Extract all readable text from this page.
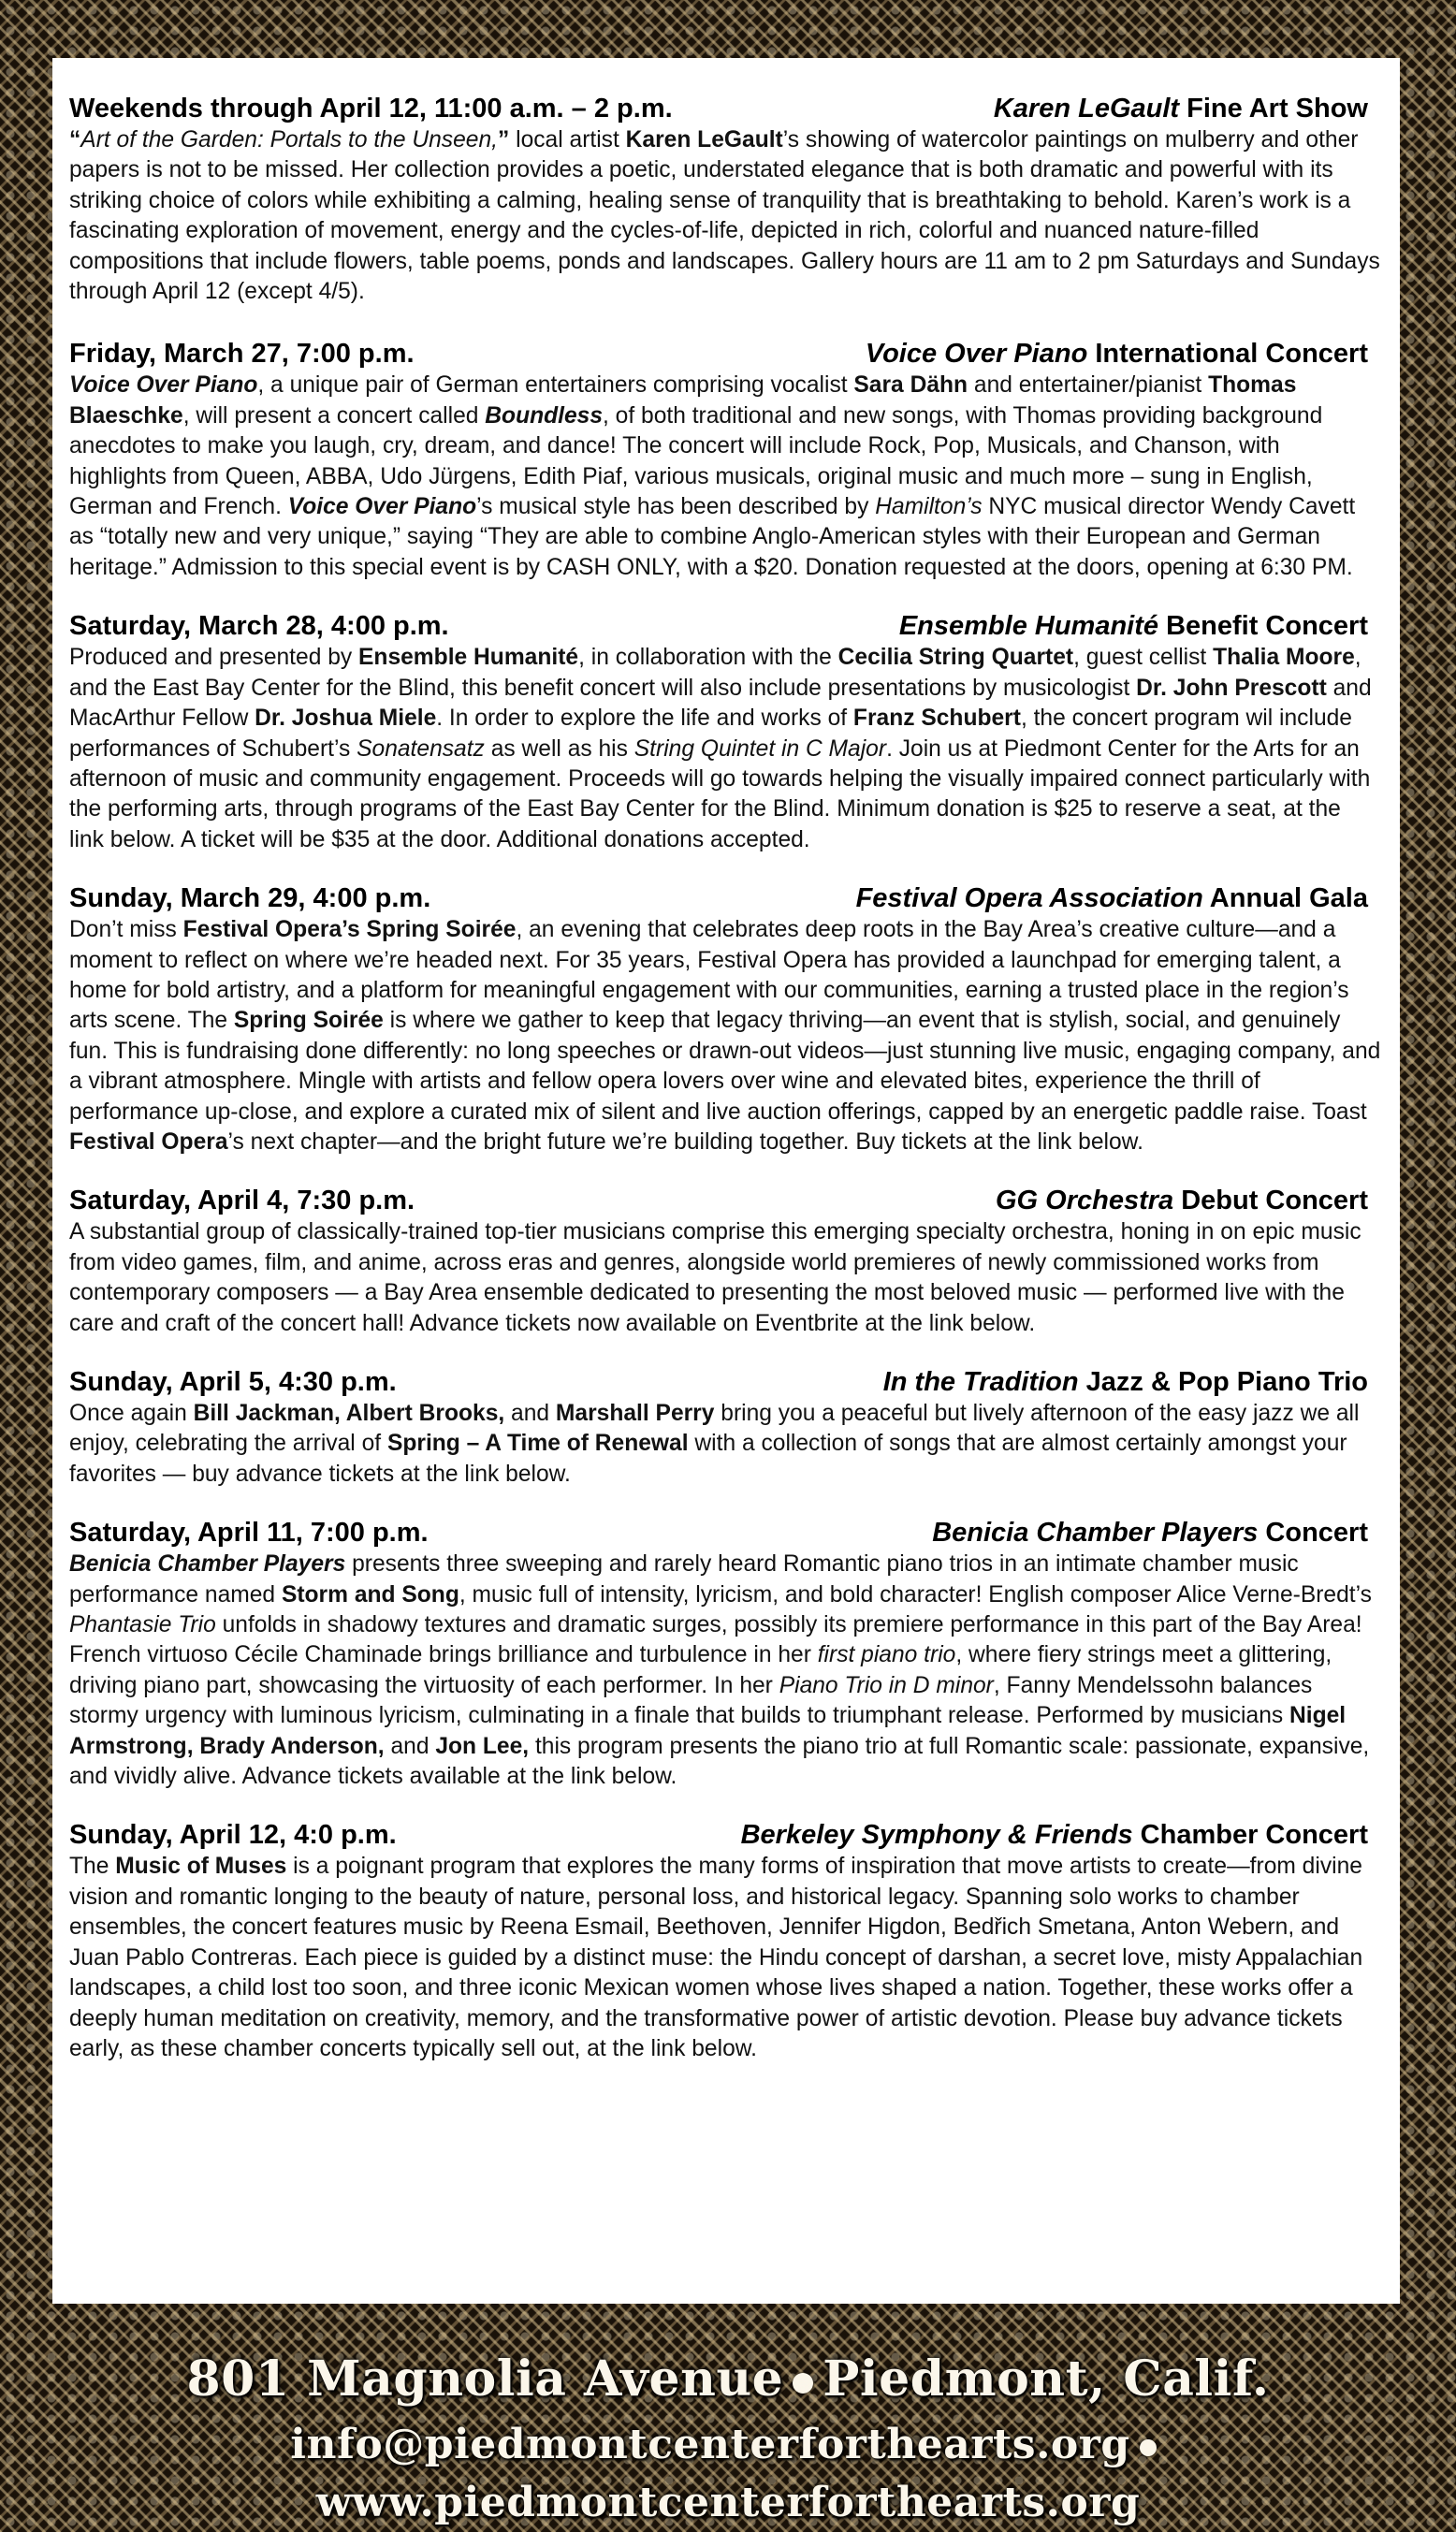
Weekends through April 12, 11:00 a.m. – 2 p.m.	Karen LeGault Fine Art Show

“Art of the Garden: Portals to the Unseen,” local artist Karen LeGault’s showing of watercolor paintings on mulberry and other papers is not to be missed. Her collection provides a poetic, understated elegance that is both dramatic and powerful with its striking choice of colors while exhibiting a calming, healing sense of tranquility that is breathtaking to behold. Karen’s work is a fascinating exploration of movement, energy and the cycles-of-life, depicted in rich, colorful and nuanced nature-filled compositions that include flowers, table poems, ponds and landscapes. Gallery hours are 11 am to 2 pm Saturdays and Sundays through April 12 (except 4/5).

Friday, March 27, 7:00 p.m.	Voice Over Piano International Concert

Voice Over Piano, a unique pair of German entertainers comprising vocalist Sara Dähn and entertainer/pianist Thomas Blaeschke, will present a concert called Boundless, of both traditional and new songs, with Thomas providing background anecdotes to make you laugh, cry, dream, and dance! The concert will include Rock, Pop, Musicals, and Chanson, with highlights from Queen, ABBA, Udo Jürgens, Edith Piaf, various musicals, original music and much more – sung in English, German and French. Voice Over Piano’s musical style has been described by Hamilton’s NYC musical director Wendy Cavett as “totally new and very unique,” saying “They are able to combine Anglo-American styles with their European and German heritage.” Admission to this special event is by CASH ONLY, with a $20. Donation requested at the doors, opening at 6:30 PM.

Saturday, March 28, 4:00 p.m.	Ensemble Humanité Benefit Concert

Produced and presented by Ensemble Humanité, in collaboration with the Cecilia String Quartet, guest cellist Thalia Moore, and the East Bay Center for the Blind, this benefit concert will also include presentations by musicologist Dr. John Prescott and MacArthur Fellow Dr. Joshua Miele. In order to explore the life and works of Franz Schubert, the concert program wil include performances of Schubert’s Sonatensatz as well as his String Quintet in C Major. Join us at Piedmont Center for the Arts for an afternoon of music and community engagement. Proceeds will go towards helping the visually impaired connect particularly with the performing arts, through programs of the East Bay Center for the Blind. Minimum donation is $25 to reserve a seat, at the link below. A ticket will be $35 at the door. Additional donations accepted.

Sunday, March 29, 4:00 p.m.	Festival Opera Association Annual Gala

Don’t miss Festival Opera’s Spring Soirée, an evening that celebrates deep roots in the Bay Area’s creative culture—and a moment to reflect on where we’re headed next. For 35 years, Festival Opera has provided a launchpad for emerging talent, a home for bold artistry, and a platform for meaningful engagement with our communities, earning a trusted place in the region’s arts scene. The Spring Soirée is where we gather to keep that legacy thriving—an event that is stylish, social, and genuinely fun. This is fundraising done differently: no long speeches or drawn-out videos—just stunning live music, engaging company, and a vibrant atmosphere. Mingle with artists and fellow opera lovers over wine and elevated bites, experience the thrill of performance up-close, and explore a curated mix of silent and live auction offerings, capped by an energetic paddle raise. Toast Festival Opera’s next chapter—and the bright future we’re building together. Buy tickets at the link below.

Saturday, April 4, 7:30 p.m.	GG Orchestra Debut Concert

A substantial group of classically-trained top-tier musicians comprise this emerging specialty orchestra, honing in on epic music from video games, film, and anime, across eras and genres, alongside world premieres of newly commissioned works from contemporary composers — a Bay Area ensemble dedicated to presenting the most beloved music — performed live with the care and craft of the concert hall! Advance tickets now available on Eventbrite at the link below.

Sunday, April 5, 4:30 p.m.	In the Tradition Jazz & Pop Piano Trio

Once again Bill Jackman, Albert Brooks, and Marshall Perry bring you a peaceful but lively afternoon of the easy jazz we all enjoy, celebrating the arrival of Spring – A Time of Renewal with a collection of songs that are almost certainly amongst your favorites — buy advance tickets at the link below.

Saturday, April 11, 7:00 p.m.	Benicia Chamber Players Concert

Benicia Chamber Players presents three sweeping and rarely heard Romantic piano trios in an intimate chamber music performance named Storm and Song, music full of intensity, lyricism, and bold character! English composer Alice Verne-Bredt’s Phantasie Trio unfolds in shadowy textures and dramatic surges, possibly its premiere performance in this part of the Bay Area! French virtuoso Cécile Chaminade brings brilliance and turbulence in her first piano trio, where fiery strings meet a glittering, driving piano part, showcasing the virtuosity of each performer. In her Piano Trio in D minor, Fanny Mendelssohn balances stormy urgency with luminous lyricism, culminating in a finale that builds to triumphant release. Performed by musicians Nigel Armstrong, Brady Anderson, and Jon Lee, this program presents the piano trio at full Romantic scale: passionate, expansive, and vividly alive. Advance tickets available at the link below.

Sunday, April 12, 4:0 p.m.	Berkeley Symphony & Friends Chamber Concert

The Music of Muses is a poignant program that explores the many forms of inspiration that move artists to create—from divine vision and romantic longing to the beauty of nature, personal loss, and historical legacy. Spanning solo works to chamber ensembles, the concert features music by Reena Esmail, Beethoven, Jennifer Higdon, Bedřich Smetana, Anton Webern, and Juan Pablo Contreras. Each piece is guided by a distinct muse: the Hindu concept of darshan, a secret love, misty Appalachian landscapes, a child lost too soon, and three iconic Mexican women whose lives shaped a nation. Together, these works offer a deeply human meditation on creativity, memory, and the transformative power of artistic devotion. Please buy advance tickets early, as these chamber concerts typically sell out, at the link below.

801 Magnolia Avenue Piedmont, Calif.
info@piedmontcenterforthearts.orgwww.piedmontcenterforthearts.org
